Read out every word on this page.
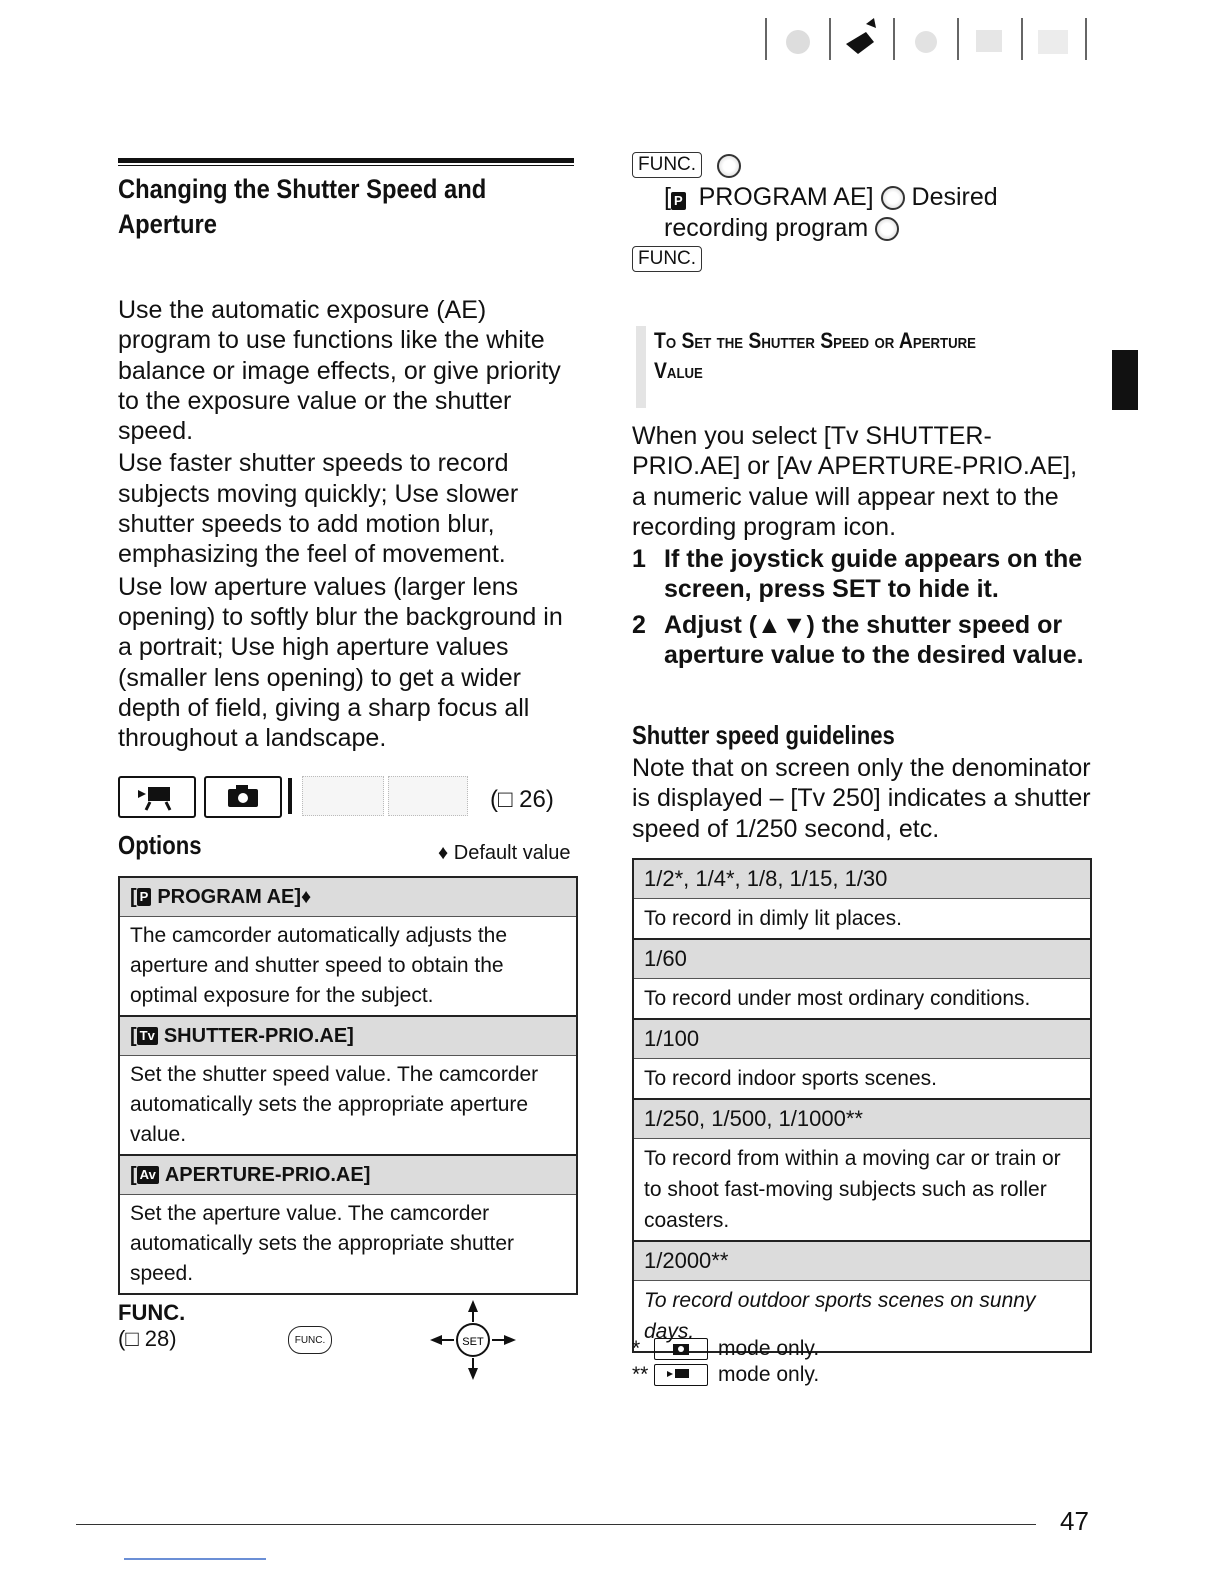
Changing the Shutter Speed and
Aperture

Use the automatic exposure (AE) program to use functions like the white balance or image effects, or give priority to the exposure value or the shutter speed.

Use faster shutter speeds to record subjects moving quickly; Use slower shutter speeds to add motion blur, emphasizing the feel of movement.

Use low aperture values (larger lens opening) to softly blur the background in a portrait; Use high aperture values (smaller lens opening) to get a wider depth of field, giving a sharp focus all throughout a landscape.

(□ 26)
Options	♦ Default value
[ P PROGRAM AE]♦
The camcorder automatically adjusts the aperture and shutter speed to obtain the optimal exposure for the subject.
[ Tv SHUTTER-PRIO.AE]
Set the shutter speed value. The camcorder automatically sets the appropriate aperture value.
[ Av APERTURE-PRIO.AE]
Set the aperture value. The camcorder automatically sets the appropriate shutter speed.
FUNC.
(□ 28)	FUNC.	SET
FUNC.
[ P PROGRAM AE]  Desired
recording program
FUNC.
To Set the Shutter Speed or Aperture
Value
When you select [Tv SHUTTER-PRIO.AE] or [Av APERTURE-PRIO.AE], a numeric value will appear next to the recording program icon.
1 If the joystick guide appears on the screen, press SET to hide it.
2 Adjust (▲▼) the shutter speed or aperture value to the desired value.
Shutter speed guidelines
Note that on screen only the denominator is displayed – [Tv 250] indicates a shutter speed of 1/250 second, etc.
1/2*, 1/4*, 1/8, 1/15, 1/30
To record in dimly lit places.
1/60
To record under most ordinary conditions.
1/100
To record indoor sports scenes.
1/250, 1/500, 1/1000**
To record from within a moving car or train or to shoot fast-moving subjects such as roller coasters.
1/2000**
To record outdoor sports scenes on sunny days.
*	mode only.
**	mode only.
47
